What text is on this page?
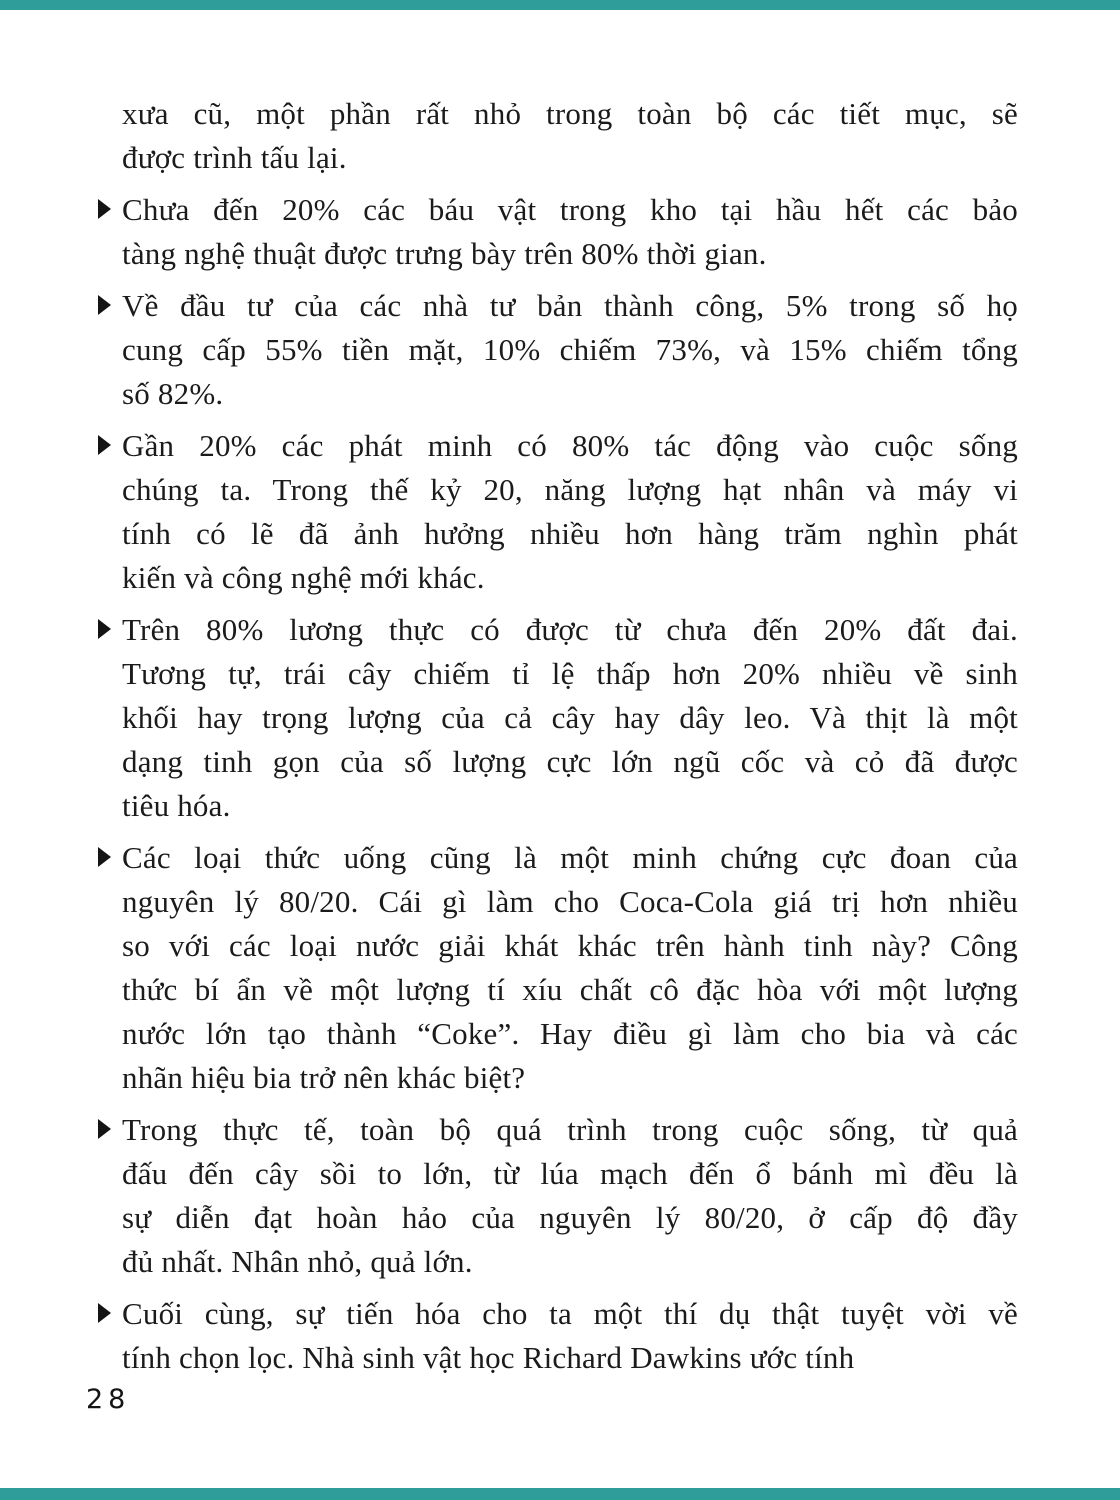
xưa cũ, một phần rất nhỏ trong toàn bộ các tiết mục, sẽ
được trình tấu lại.
Chưa đến 20% các báu vật trong kho tại hầu hết các bảo
tàng nghệ thuật được trưng bày trên 80% thời gian.
Về đầu tư của các nhà tư bản thành công, 5% trong số họ
cung cấp 55% tiền mặt, 10% chiếm 73%, và 15% chiếm tổng
số 82%.
Gần 20% các phát minh có 80% tác động vào cuộc sống
chúng ta. Trong thế kỷ 20, năng lượng hạt nhân và máy vi
tính có lẽ đã ảnh hưởng nhiều hơn hàng trăm nghìn phát
kiến và công nghệ mới khác.
Trên 80% lương thực có được từ chưa đến 20% đất đai.
Tương tự, trái cây chiếm tỉ lệ thấp hơn 20% nhiều về sinh
khối hay trọng lượng của cả cây hay dây leo. Và thịt là một
dạng tinh gọn của số lượng cực lớn ngũ cốc và cỏ đã được
tiêu hóa.
Các loại thức uống cũng là một minh chứng cực đoan của
nguyên lý 80/20. Cái gì làm cho Coca-Cola giá trị hơn nhiều
so với các loại nước giải khát khác trên hành tinh này? Công
thức bí ẩn về một lượng tí xíu chất cô đặc hòa với một lượng
nước lớn tạo thành “Coke”. Hay điều gì làm cho bia và các
nhãn hiệu bia trở nên khác biệt?
Trong thực tế, toàn bộ quá trình trong cuộc sống, từ quả
đấu đến cây sồi to lớn, từ lúa mạch đến ổ bánh mì đều là
sự diễn đạt hoàn hảo của nguyên lý 80/20, ở cấp độ đầy
đủ nhất. Nhân nhỏ, quả lớn.
Cuối cùng, sự tiến hóa cho ta một thí dụ thật tuyệt vời về
tính chọn lọc. Nhà sinh vật học Richard Dawkins ước tính
28
